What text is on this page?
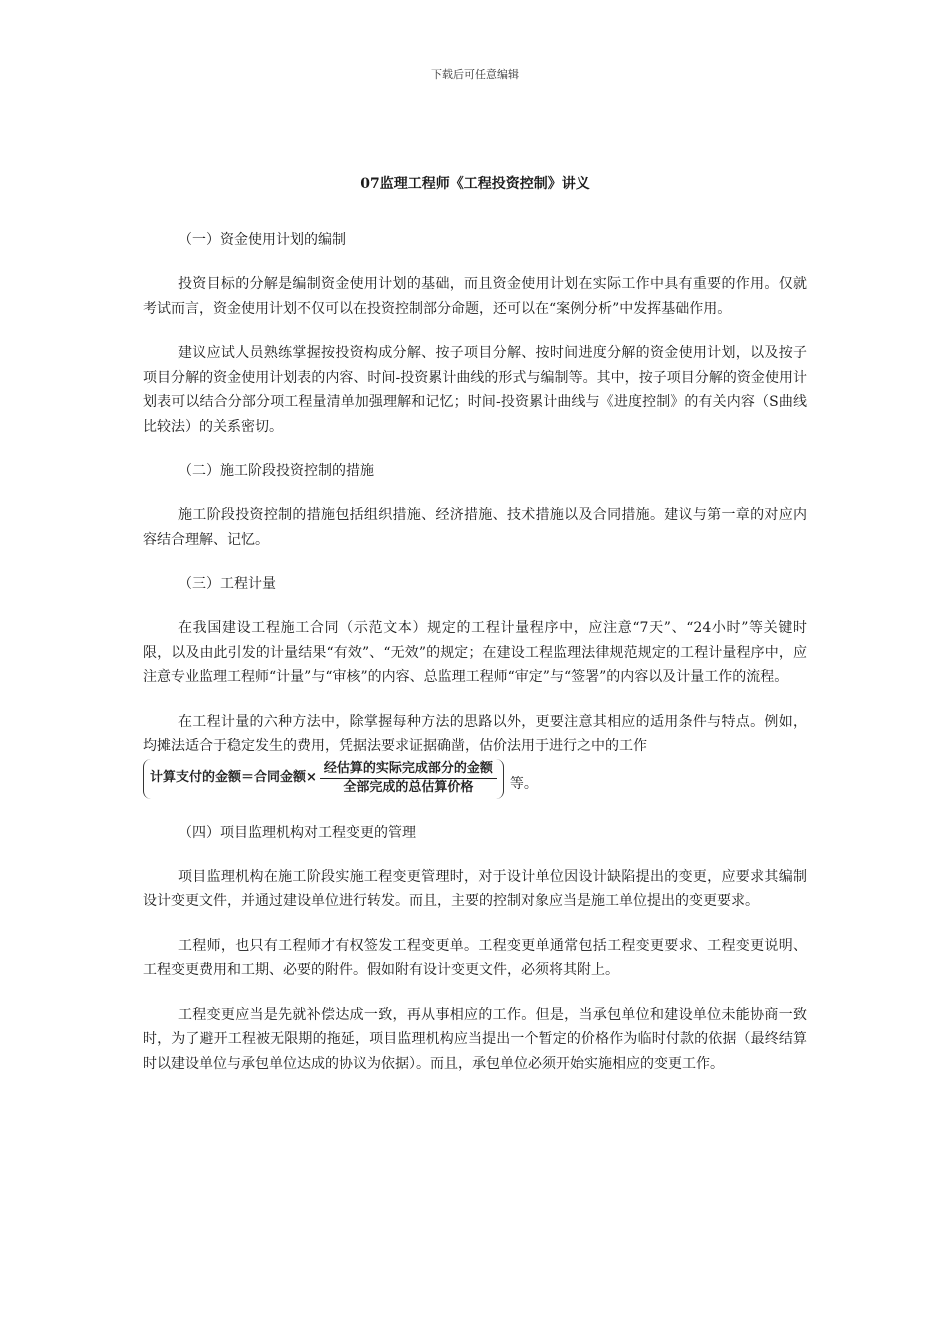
下载后可任意编辑
07监理工程师《工程投资控制》讲义
（一）资金使用计划的编制

投资目标的分解是编制资金使用计划的基础，而且资金使用计划在实际工作中具有重要的作用。仅就考试而言，资金使用计划不仅可以在投资控制部分命题，还可以在“案例分析”中发挥基础作用。

建议应试人员熟练掌握按投资构成分解、按子项目分解、按时间进度分解的资金使用计划，以及按子项目分解的资金使用计划表的内容、时间-投资累计曲线的形式与编制等。其中，按子项目分解的资金使用计划表可以结合分部分项工程量清单加强理解和记忆；时间-投资累计曲线与《进度控制》的有关内容（S曲线比较法）的关系密切。

（二）施工阶段投资控制的措施

施工阶段投资控制的措施包括组织措施、经济措施、技术措施以及合同措施。建议与第一章的对应内容结合理解、记忆。

（三）工程计量

在我国建设工程施工合同（示范文本）规定的工程计量程序中，应注意“7天”、“24小时”等关键时限，以及由此引发的计量结果“有效”、“无效”的规定；在建设工程监理法律规范规定的工程计量程序中，应注意专业监理工程师“计量”与“审核”的内容、总监理工程师“审定”与“签署”的内容以及计量工作的流程。

在工程计量的六种方法中，除掌握每种方法的思路以外，更要注意其相应的适用条件与特点。例如，均摊法适合于稳定发生的费用，凭据法要求证据确凿，估价法用于进行之中的工作

计算支付的金额＝合同金额× $\frac{\text{经估算的实际完成部分的金额}}{\text{全部完成的总估算价格}}$ 等。
（四）项目监理机构对工程变更的管理

项目监理机构在施工阶段实施工程变更管理时，对于设计单位因设计缺陷提出的变更，应要求其编制设计变更文件，并通过建设单位进行转发。而且，主要的控制对象应当是施工单位提出的变更要求。

工程师，也只有工程师才有权签发工程变更单。工程变更单通常包括工程变更要求、工程变更说明、工程变更费用和工期、必要的附件。假如附有设计变更文件，必须将其附上。

工程变更应当是先就补偿达成一致，再从事相应的工作。但是，当承包单位和建设单位未能协商一致时，为了避开工程被无限期的拖延，项目监理机构应当提出一个暂定的价格作为临时付款的依据（最终结算时以建设单位与承包单位达成的协议为依据）。而且，承包单位必须开始实施相应的变更工作。
